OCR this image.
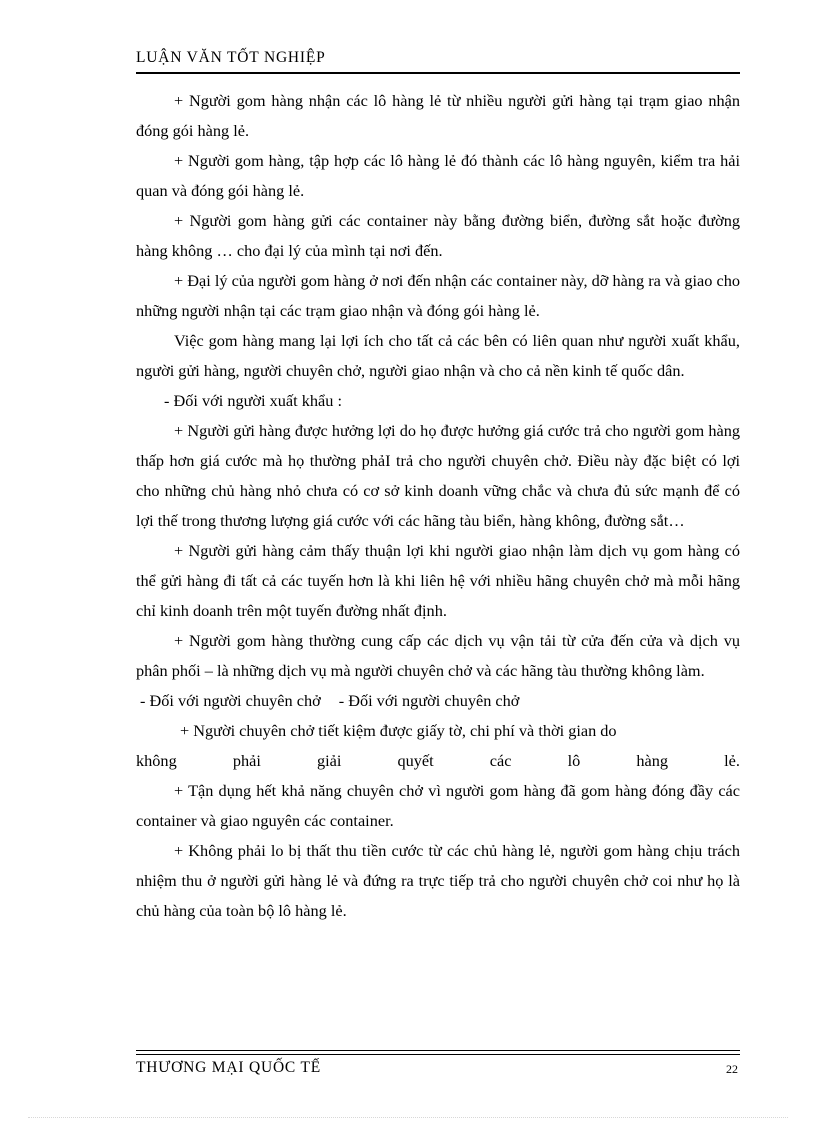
LUẬN VĂN TỐT NGHIỆP

+ Người gom hàng nhận các lô hàng lẻ từ nhiều người gửi hàng tại trạm giao nhận đóng gói hàng lẻ.

+ Người gom hàng, tập hợp các lô hàng lẻ đó thành các lô hàng nguyên, kiểm tra hải quan và đóng gói hàng lẻ.

+ Người gom hàng gửi các container này bằng đường biển, đường sắt hoặc đường hàng không … cho đại lý của mình tại nơi đến.

+ Đại lý của người gom hàng ở nơi đến nhận các container này, dỡ hàng ra và giao cho những người nhận tại các trạm giao nhận và đóng gói hàng lẻ.

Việc gom hàng mang lại lợi ích cho tất cả các bên có liên quan như người xuất khẩu, người gửi hàng, người chuyên chở, người giao nhận và cho cả nền kinh tế quốc dân.

- Đối với người xuất khẩu :

+ Người gửi hàng được hưởng lợi do họ được hưởng giá cước trả cho người gom hàng thấp hơn giá cước mà họ thường phảI trả cho người chuyên chở. Điều này đặc biệt có lợi cho những chủ hàng nhỏ chưa có cơ sở kinh doanh vững chắc và chưa đủ sức mạnh để có lợi thế trong thương lượng giá cước với các hãng tàu biển, hàng không, đường sắt…

+ Người gửi hàng cảm thấy thuận lợi khi người giao nhận làm dịch vụ gom hàng có thể gửi hàng đi tất cả các tuyến hơn là khi liên hệ với nhiều hãng chuyên chở mà mỗi hãng chỉ kinh doanh trên một tuyến đường nhất định.

+ Người gom hàng thường cung cấp các dịch vụ vận tải từ cửa đến cửa và dịch vụ phân phối – là những dịch vụ mà người chuyên chở và các hãng tàu thường không làm.

- Đối với người chuyên chở - Đối với người chuyên chở

+ Người chuyên chở tiết kiệm được giấy tờ, chi phí và thời gian do

không	phải	giải	quyết	các	lô	hàng	lẻ.

+ Tận dụng hết khả năng chuyên chở vì người gom hàng đã gom hàng đóng đầy các container và giao nguyên các container.

+ Không phải lo bị thất thu tiền cước từ các chủ hàng lẻ, người gom hàng chịu trách nhiệm thu ở người gửi hàng lẻ và đứng ra trực tiếp trả cho người chuyên chở coi như họ là chủ hàng của toàn bộ lô hàng lẻ.

THƯƠNG MẠI QUỐC TẾ	22
